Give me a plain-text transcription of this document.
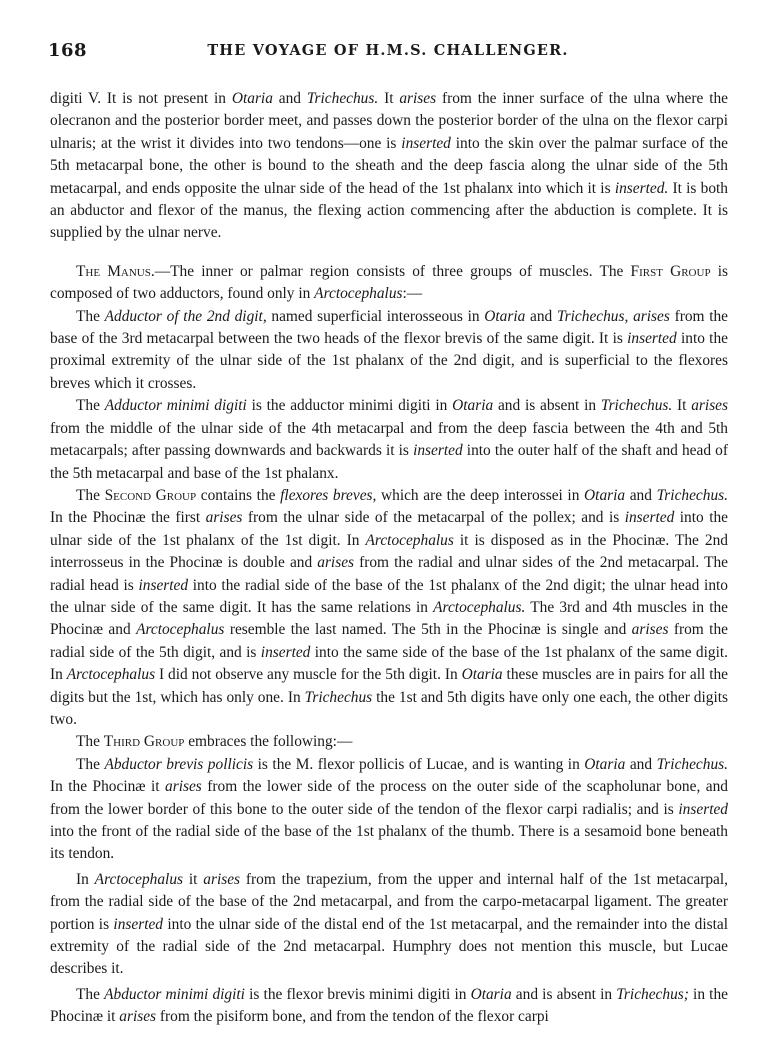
168	THE VOYAGE OF H.M.S. CHALLENGER.

digiti V. It is not present in Otaria and Trichechus. It arises from the inner surface of the ulna where the olecranon and the posterior border meet, and passes down the posterior border of the ulna on the flexor carpi ulnaris; at the wrist it divides into two tendons—one is inserted into the skin over the palmar surface of the 5th metacarpal bone, the other is bound to the sheath and the deep fascia along the ulnar side of the 5th metacarpal, and ends opposite the ulnar side of the head of the 1st phalanx into which it is inserted. It is both an abductor and flexor of the manus, the flexing action commencing after the abduction is complete. It is supplied by the ulnar nerve.

The Manus.—The inner or palmar region consists of three groups of muscles. The First Group is composed of two adductors, found only in Arctocephalus:—

The Adductor of the 2nd digit, named superficial interosseous in Otaria and Trichechus, arises from the base of the 3rd metacarpal between the two heads of the flexor brevis of the same digit. It is inserted into the proximal extremity of the ulnar side of the 1st phalanx of the 2nd digit, and is superficial to the flexores breves which it crosses.

The Adductor minimi digiti is the adductor minimi digiti in Otaria and is absent in Trichechus. It arises from the middle of the ulnar side of the 4th metacarpal and from the deep fascia between the 4th and 5th metacarpals; after passing downwards and backwards it is inserted into the outer half of the shaft and head of the 5th metacarpal and base of the 1st phalanx.

The Second Group contains the flexores breves, which are the deep interossei in Otaria and Trichechus. In the Phocinæ the first arises from the ulnar side of the metacarpal of the pollex; and is inserted into the ulnar side of the 1st phalanx of the 1st digit. In Arctocephalus it is disposed as in the Phocinæ. The 2nd interrosseus in the Phocinæ is double and arises from the radial and ulnar sides of the 2nd metacarpal. The radial head is inserted into the radial side of the base of the 1st phalanx of the 2nd digit; the ulnar head into the ulnar side of the same digit. It has the same relations in Arctocephalus. The 3rd and 4th muscles in the Phocinæ and Arctocephalus resemble the last named. The 5th in the Phocinæ is single and arises from the radial side of the 5th digit, and is inserted into the same side of the base of the 1st phalanx of the same digit. In Arctocephalus I did not observe any muscle for the 5th digit. In Otaria these muscles are in pairs for all the digits but the 1st, which has only one. In Trichechus the 1st and 5th digits have only one each, the other digits two.

The Third Group embraces the following:—

The Abductor brevis pollicis is the M. flexor pollicis of Lucae, and is wanting in Otaria and Trichechus. In the Phocinæ it arises from the lower side of the process on the outer side of the scapholunar bone, and from the lower border of this bone to the outer side of the tendon of the flexor carpi radialis; and is inserted into the front of the radial side of the base of the 1st phalanx of the thumb. There is a sesamoid bone beneath its tendon.

In Arctocephalus it arises from the trapezium, from the upper and internal half of the 1st metacarpal, from the radial side of the base of the 2nd metacarpal, and from the carpo-metacarpal ligament. The greater portion is inserted into the ulnar side of the distal end of the 1st metacarpal, and the remainder into the distal extremity of the radial side of the 2nd metacarpal. Humphry does not mention this muscle, but Lucae describes it.

The Abductor minimi digiti is the flexor brevis minimi digiti in Otaria and is absent in Trichechus; in the Phocinæ it arises from the pisiform bone, and from the tendon of the flexor carpi
